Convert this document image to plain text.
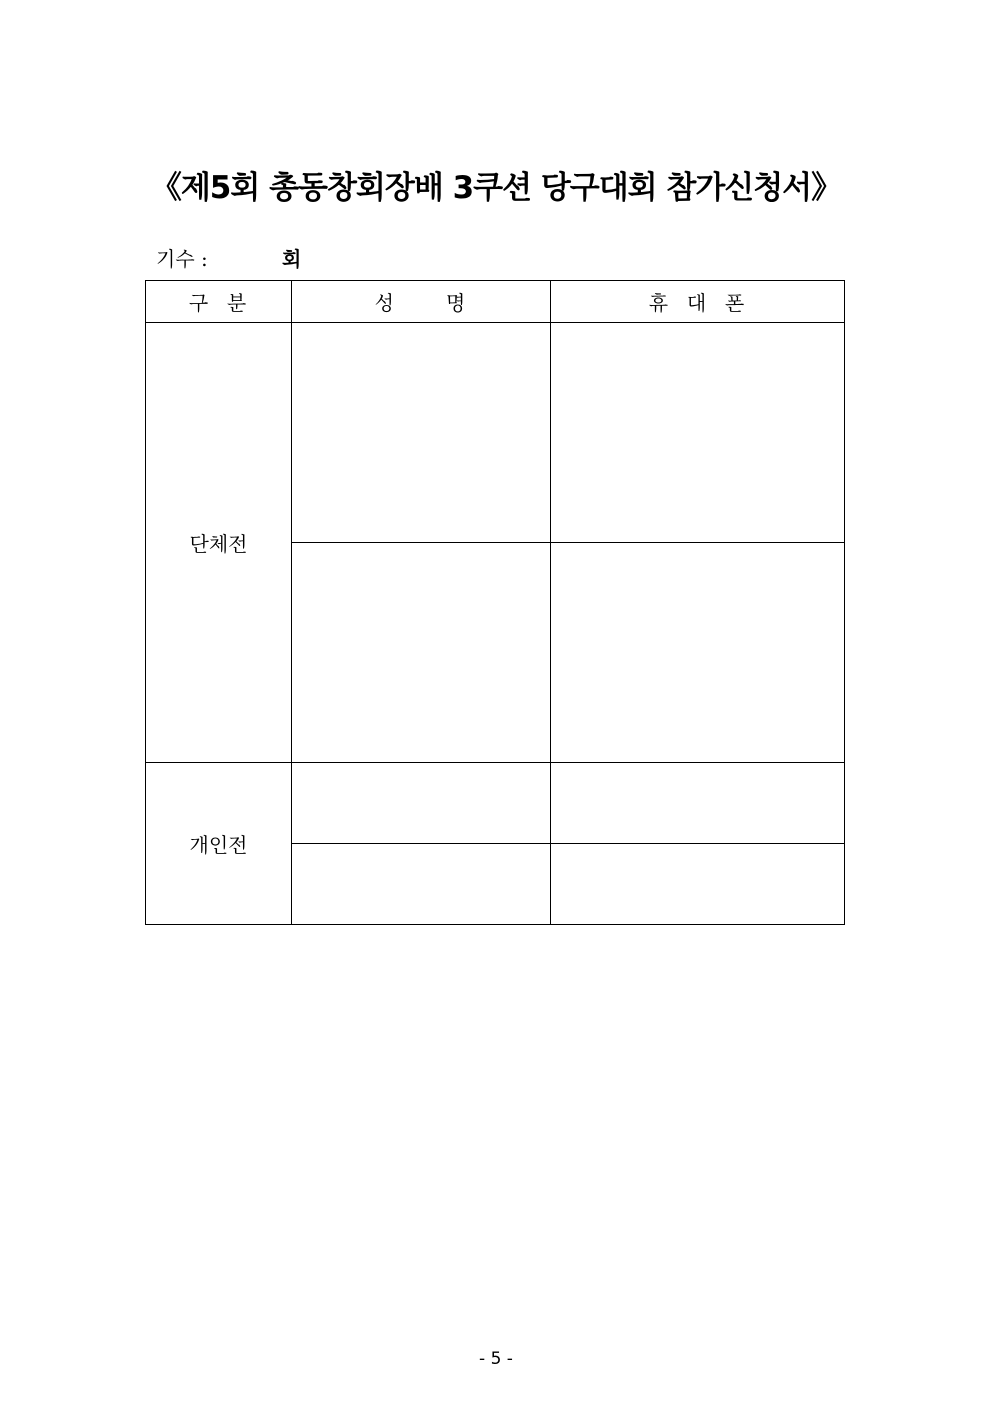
《제5회 총동창회장배 3쿠션 당구대회 참가신청서》
기수 :	회
구  분	성      명	휴  대  폰
단체전		

개인전		

- 5 -
